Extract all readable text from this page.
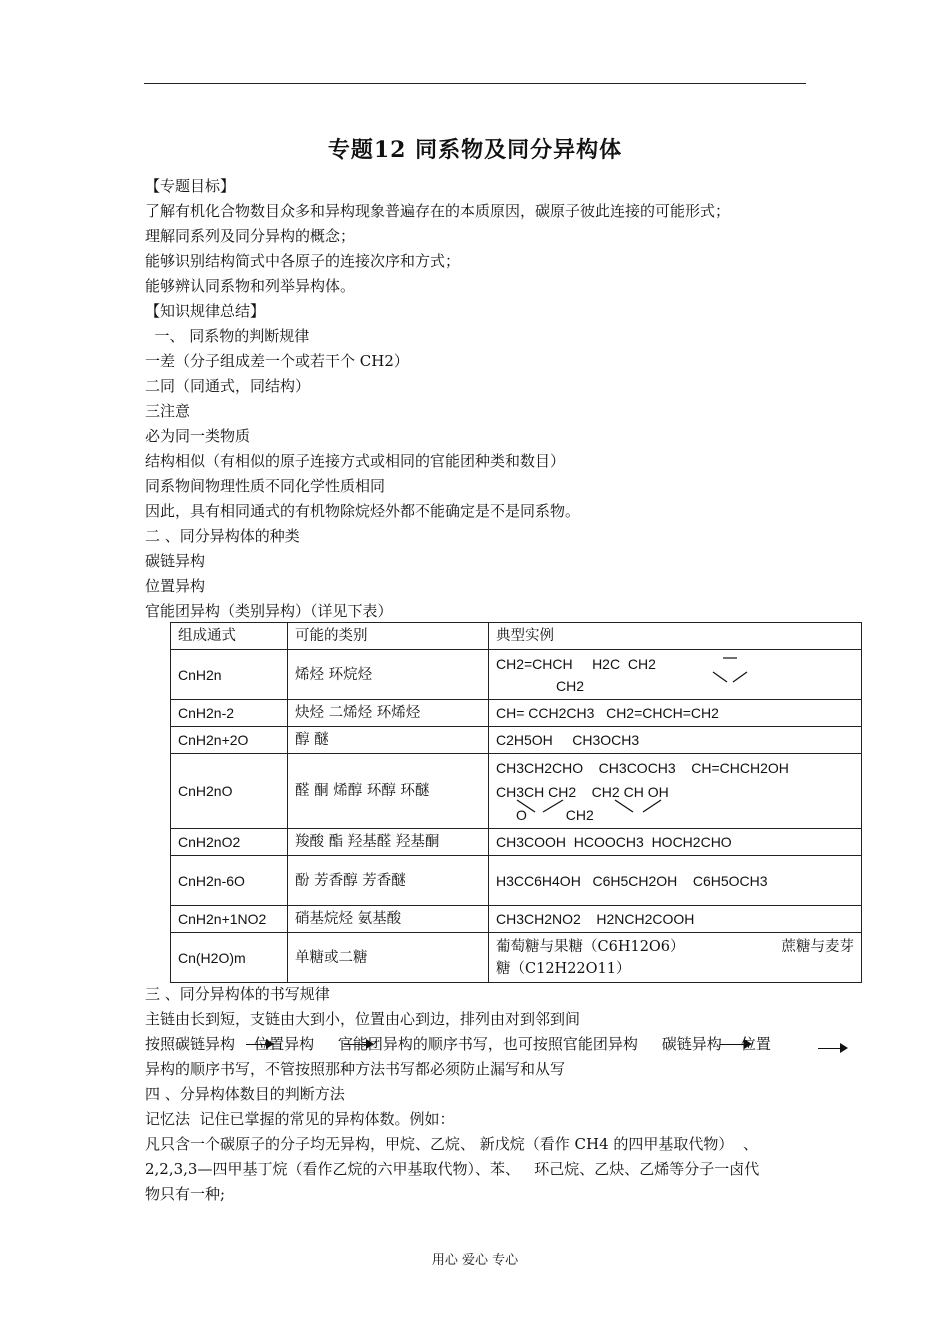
专题12 同系物及同分异构体
【专题目标】
了解有机化合物数目众多和异构现象普遍存在的本质原因，碳原子彼此连接的可能形式；
理解同系列及同分异构的概念；
能够识别结构简式中各原子的连接次序和方式；
能够辨认同系物和列举异构体。
【知识规律总结】
一、 同系物的判断规律
一差（分子组成差一个或若干个 CH2）
二同（同通式，同结构）
三注意
必为同一类物质
结构相似（有相似的原子连接方式或相同的官能团种类和数目）
同系物间物理性质不同化学性质相同
因此，具有相同通式的有机物除烷烃外都不能确定是不是同系物。
二 、同分异构体的种类
碳链异构
位置异构
官能团异构（类别异构）（详见下表）
组成通式	可能的类别	典型实例
CnH2n	烯烃 环烷烃	CH2=CHCH     H2C  CH2
CH2

CnH2n-2	炔烃 二烯烃 环烯烃	CH= CCH2CH3   CH2=CHCH=CH2
CnH2n+2O	醇 醚	C2H5OH     CH3OCH3
CnH2nO	醛 酮 烯醇 环醇 环醚	CH3CH2CHO    CH3COCH3    CH=CHCH2OH
CH3CH CH2    CH2 CH OH
O          CH2

CnH2nO2	羧酸 酯 羟基醛 羟基酮	CH3COOH  HCOOCH3  HOCH2CHO
CnH2n-6O	酚 芳香醇 芳香醚	H3CC6H4OH   C6H5CH2OH    C6H5OCH3
CnH2n+1NO2	硝基烷烃 氨基酸	CH3CH2NO2    H2NCH2COOH
Cn(H2O)m	单糖或二糖	葡萄糖与果糖（C6H12O6） 蔗糖与麦芽
糖（C12H22O11）
三 、同分异构体的书写规律
主链由长到短，支链由大到小，位置由心到边，排列由对到邻到间
按照碳链异构    位置异构     官能团异构的顺序书写，也可按照官能团异构     碳链异构    位置
异构的顺序书写，不管按照那种方法书写都必须防止漏写和从写
四 、分异构体数目的判断方法
记忆法  记住已掌握的常见的异构体数。例如：
凡只含一个碳原子的分子均无异构，甲烷、乙烷、 新戊烷（看作 CH4 的四甲基取代物）  、
2,2,3,3—四甲基丁烷（看作乙烷的六甲基取代物）、苯、   环己烷、乙炔、乙烯等分子一卤代
物只有一种;
用心 爱心 专心
